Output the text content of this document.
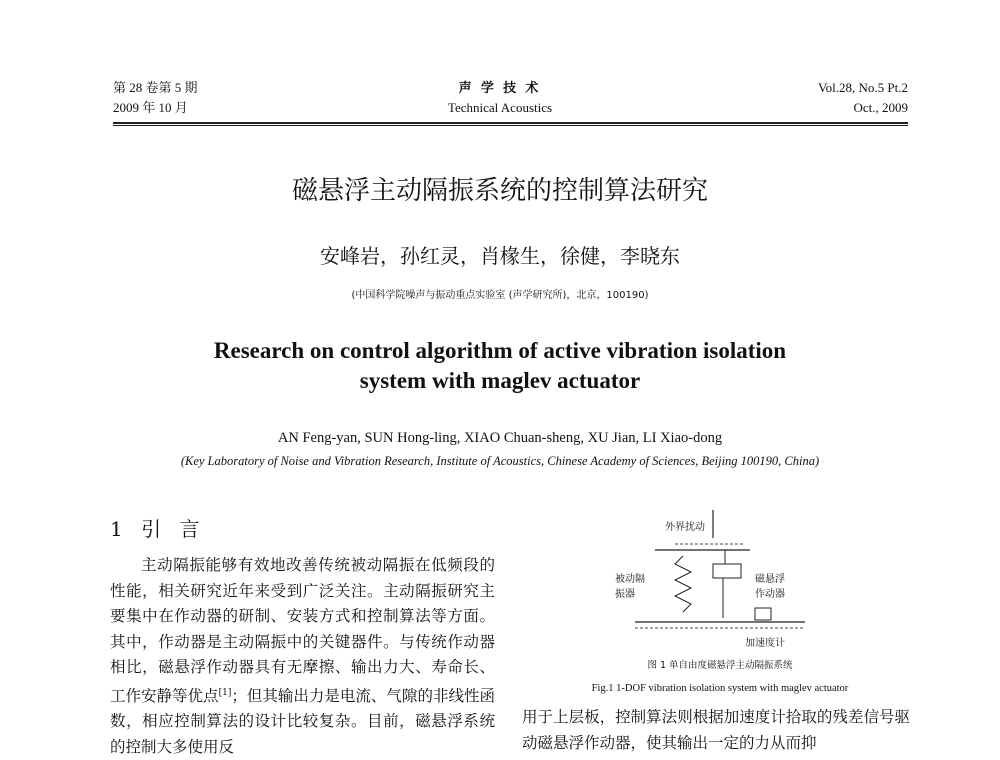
第 28 卷第 5 期
2009 年 10 月
声 学 技 术
Technical Acoustics
Vol.28, No.5 Pt.2
Oct., 2009
磁悬浮主动隔振系统的控制算法研究
安峰岩，孙红灵，肖椽生，徐健，李晓东
(中国科学院噪声与振动重点实验室 (声学研究所)，北京，100190)
Research on control algorithm of active vibration isolation
system with maglev actuator
AN Feng-yan, SUN Hong-ling, XIAO Chuan-sheng, XU Jian, LI Xiao-dong
(Key Laboratory of Noise and Vibration Research, Institute of Acoustics, Chinese Academy of Sciences, Beijing 100190, China)
1 引 言

主动隔振能够有效地改善传统被动隔振在低频段的性能，相关研究近年来受到广泛关注。主动隔振研究主要集中在作动器的研制、安装方式和控制算法等方面。其中，作动器是主动隔振中的关键器件。与传统作动器相比，磁悬浮作动器具有无摩擦、输出力大、寿命长、工作安静等优点[1]；但其输出力是电流、气隙的非线性函数，相应控制算法的设计比较复杂。目前，磁悬浮系统的控制大多使用反

外界扰动
被动隔
振器
磁悬浮
作动器
加速度计
图 1 单自由度磁悬浮主动隔振系统
Fig.1 1-DOF vibration isolation system with maglev actuator
用于上层板，控制算法则根据加速度计拾取的残差信号驱动磁悬浮作动器，使其输出一定的力从而抑
